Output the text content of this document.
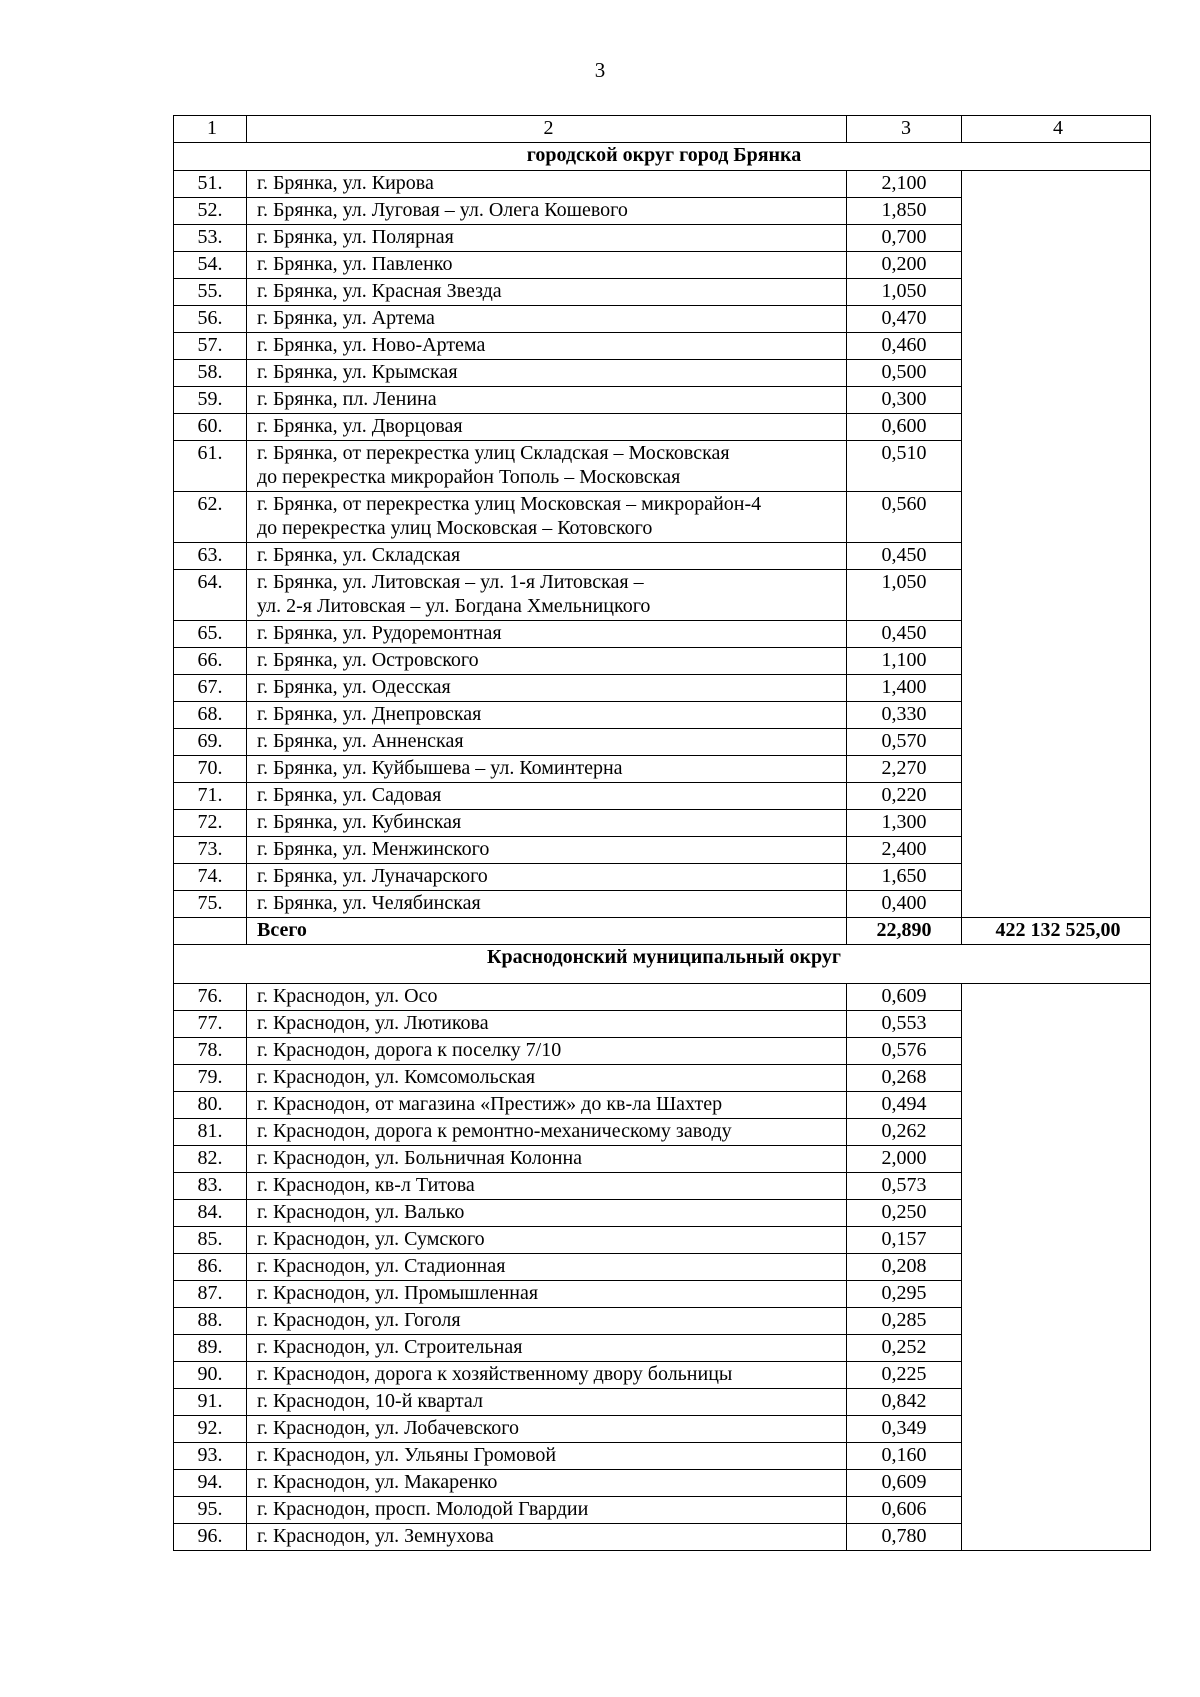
3
1	2	3	4
городской округ город Брянка			
51.	г. Брянка, ул. Кирова	2,100	
52.	г. Брянка, ул. Луговая – ул. Олега Кошевого	1,850	
53.	г. Брянка, ул. Полярная	0,700	
54.	г. Брянка, ул. Павленко	0,200	
55.	г. Брянка, ул. Красная Звезда	1,050	
56.	г. Брянка, ул. Артема	0,470	
57.	г. Брянка, ул. Ново-Артема	0,460	
58.	г. Брянка, ул. Крымская	0,500	
59.	г. Брянка, пл. Ленина	0,300	
60.	г. Брянка, ул. Дворцовая	0,600	
61.	г. Брянка, от перекрестка улиц Складская – Московская
до перекрестка микрорайон Тополь – Московская	0,510	
62.	г. Брянка, от перекрестка улиц Московская – микрорайон-4
до перекрестка улиц Московская – Котовского	0,560	
63.	г. Брянка, ул. Складская	0,450	
64.	г. Брянка, ул. Литовская – ул. 1-я Литовская –
ул. 2-я Литовская – ул. Богдана Хмельницкого	1,050	
65.	г. Брянка, ул. Рудоремонтная	0,450	
66.	г. Брянка, ул. Островского	1,100	
67.	г. Брянка, ул. Одесская	1,400	
68.	г. Брянка, ул. Днепровская	0,330	
69.	г. Брянка, ул. Анненская	0,570	
70.	г. Брянка, ул. Куйбышева – ул. Коминтерна	2,270	
71.	г. Брянка, ул. Садовая	0,220	
72.	г. Брянка, ул. Кубинская	1,300	
73.	г. Брянка, ул. Менжинского	2,400	
74.	г. Брянка, ул. Луначарского	1,650	
75.	г. Брянка, ул. Челябинская	0,400	
	Всего	22,890	422 132 525,00
Краснодонский муниципальный округ			
76.	г. Краснодон, ул. Осо	0,609	
77.	г. Краснодон, ул. Лютикова	0,553	
78.	г. Краснодон, дорога к поселку 7/10	0,576	
79.	г. Краснодон, ул. Комсомольская	0,268	
80.	г. Краснодон, от магазина «Престиж» до кв-ла Шахтер	0,494	
81.	г. Краснодон, дорога к ремонтно-механическому заводу	0,262	
82.	г. Краснодон, ул. Больничная Колонна	2,000	
83.	г. Краснодон, кв-л Титова	0,573	
84.	г. Краснодон, ул. Валько	0,250	
85.	г. Краснодон, ул. Сумского	0,157	
86.	г. Краснодон, ул. Стадионная	0,208	
87.	г. Краснодон, ул. Промышленная	0,295	
88.	г. Краснодон, ул. Гоголя	0,285	
89.	г. Краснодон, ул. Строительная	0,252	
90.	г. Краснодон, дорога к хозяйственному двору больницы	0,225	
91.	г. Краснодон, 10-й квартал	0,842	
92.	г. Краснодон, ул. Лобачевского	0,349	
93.	г. Краснодон, ул. Ульяны Громовой	0,160	
94.	г. Краснодон, ул. Макаренко	0,609	
95.	г. Краснодон, просп. Молодой Гвардии	0,606	
96.	г. Краснодон, ул. Земнухова	0,780	
